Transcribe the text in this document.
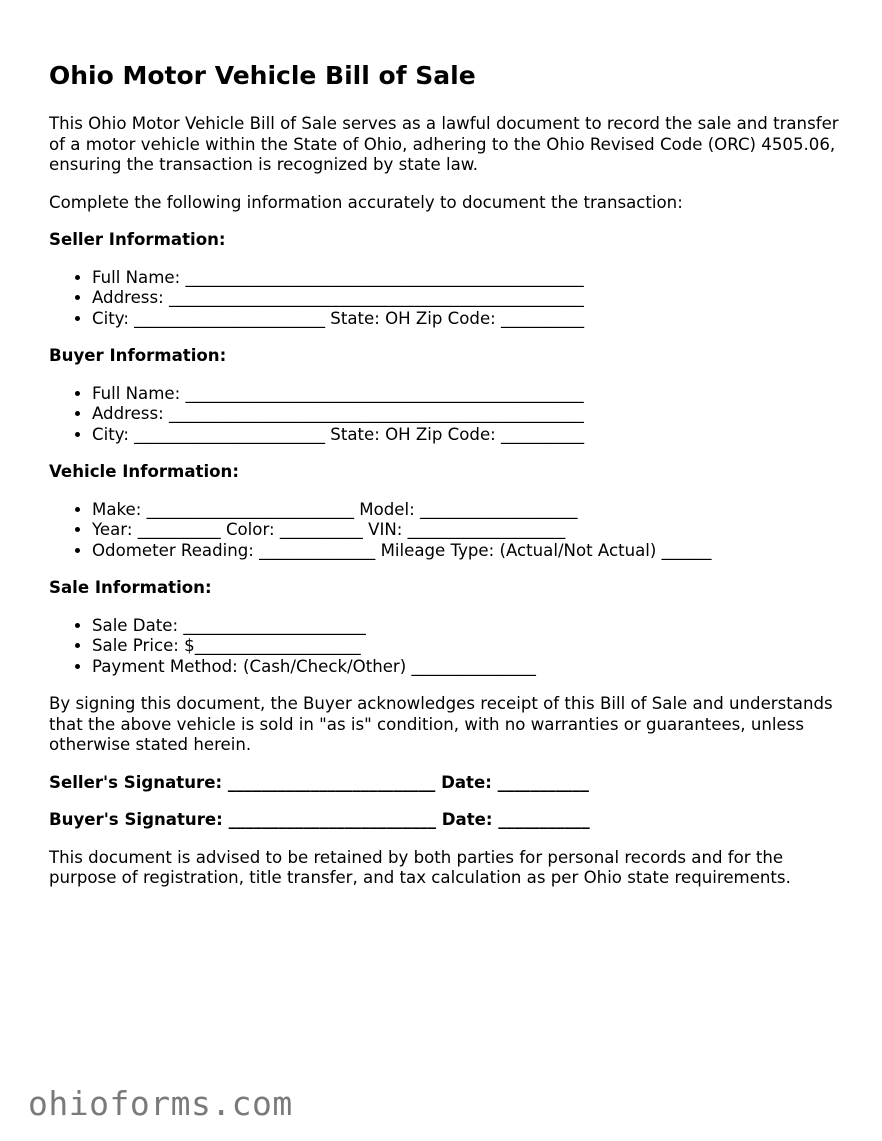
Ohio Motor Vehicle Bill of Sale

This Ohio Motor Vehicle Bill of Sale serves as a lawful document to record the sale and transfer of a motor vehicle within the State of Ohio, adhering to the Ohio Revised Code (ORC) 4505.06, ensuring the transaction is recognized by state law.

Complete the following information accurately to document the transaction:

Seller Information:
• Full Name: ________________________________________________
• Address: __________________________________________________
• City: _______________________ State: OH Zip Code: __________
Buyer Information:
• Full Name: ________________________________________________
• Address: __________________________________________________
• City: _______________________ State: OH Zip Code: __________
Vehicle Information:
• Make: _________________________ Model: ___________________
• Year: __________ Color: __________ VIN: ___________________
• Odometer Reading: ______________ Mileage Type: (Actual/Not Actual) ______
Sale Information:
• Sale Date: ______________________
• Sale Price: $____________________
• Payment Method: (Cash/Check/Other) _______________

By signing this document, the Buyer acknowledges receipt of this Bill of Sale and understands that the above vehicle is sold in "as is" condition, with no warranties or guarantees, unless otherwise stated herein.

Seller's Signature: _________________________ Date: ___________
Buyer's Signature: _________________________ Date: ___________

This document is advised to be retained by both parties for personal records and for the purpose of registration, title transfer, and tax calculation as per Ohio state requirements.

ohioforms.com
